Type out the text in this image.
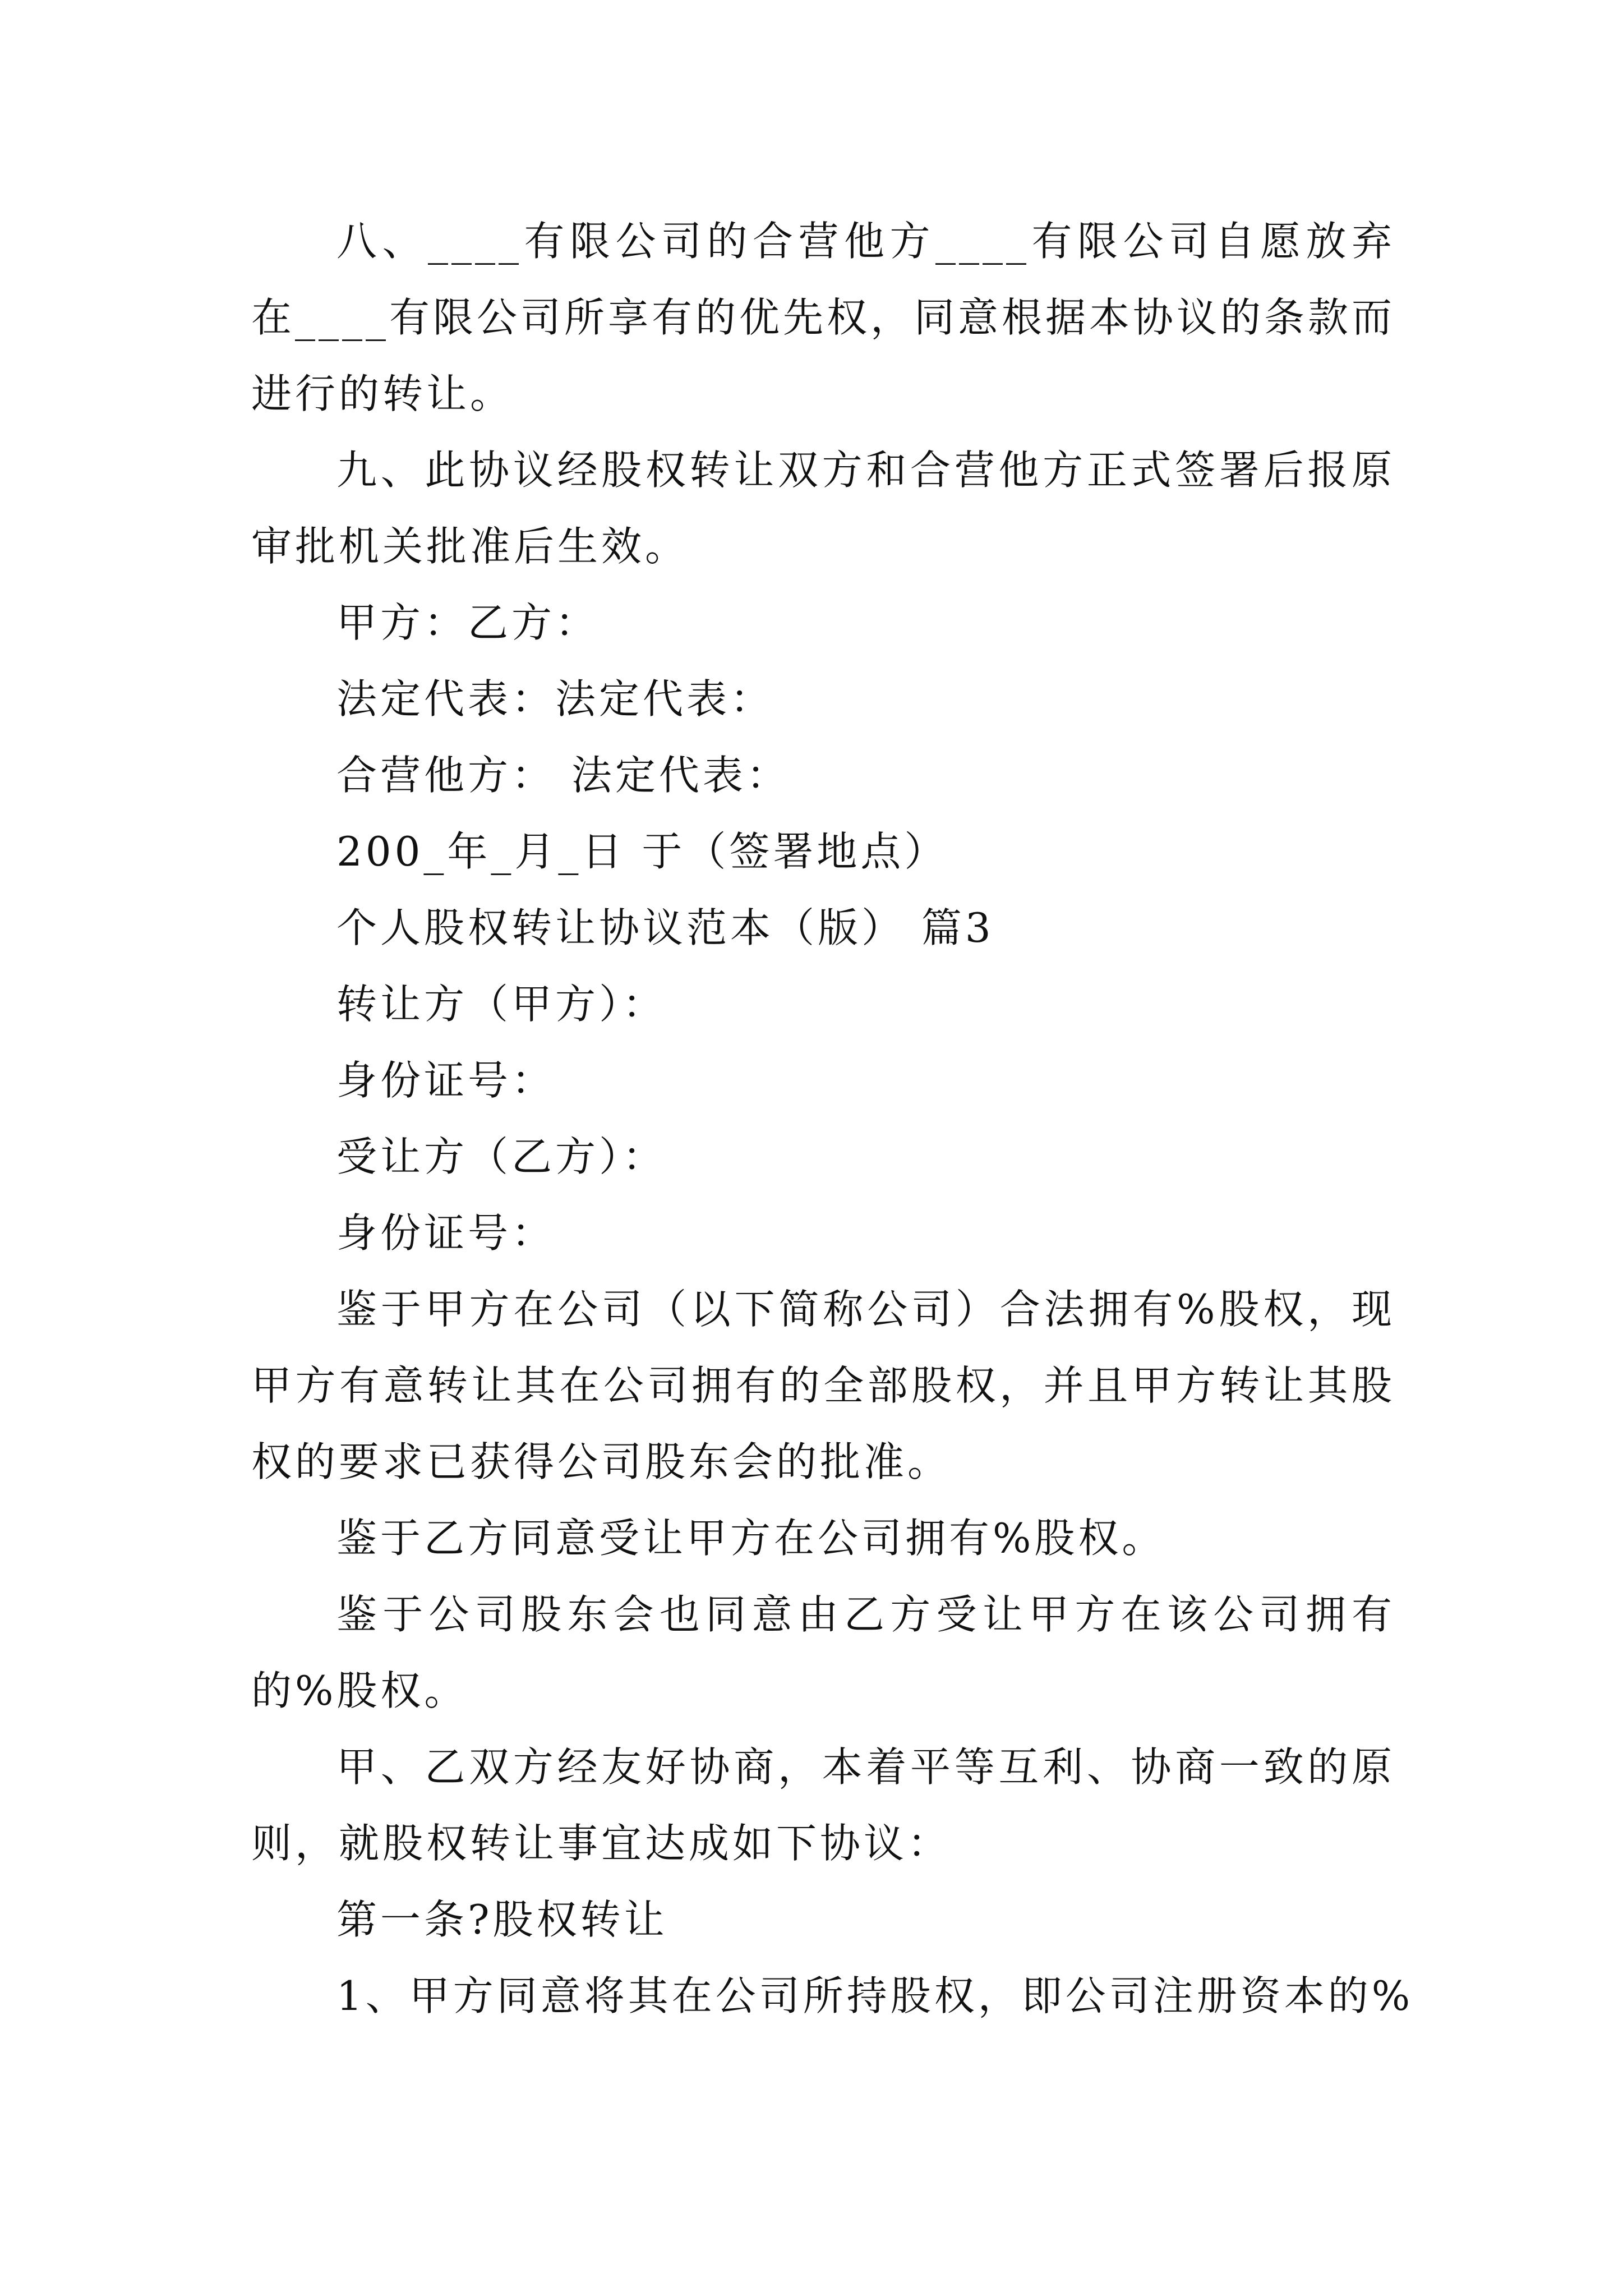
八、____有限公司的合营他方____有限公司自愿放弃在____有限公司所享有的优先权，同意根据本协议的条款而进行的转让。

九、此协议经股权转让双方和合营他方正式签署后报原审批机关批准后生效。

甲方：乙方：

法定代表：法定代表：

合营他方： 法定代表：

200_年_月_日 于（签署地点）

个人股权转让协议范本（版） 篇3

转让方（甲方）：

身份证号：

受让方（乙方）：

身份证号：

鉴于甲方在公司（以下简称公司）合法拥有%股权，现甲方有意转让其在公司拥有的全部股权，并且甲方转让其股权的要求已获得公司股东会的批准。

鉴于乙方同意受让甲方在公司拥有%股权。

鉴于公司股东会也同意由乙方受让甲方在该公司拥有的%股权。

甲、乙双方经友好协商，本着平等互利、协商一致的原则，就股权转让事宜达成如下协议：

第一条?股权转让

1、甲方同意将其在公司所持股权，即公司注册资本的%
